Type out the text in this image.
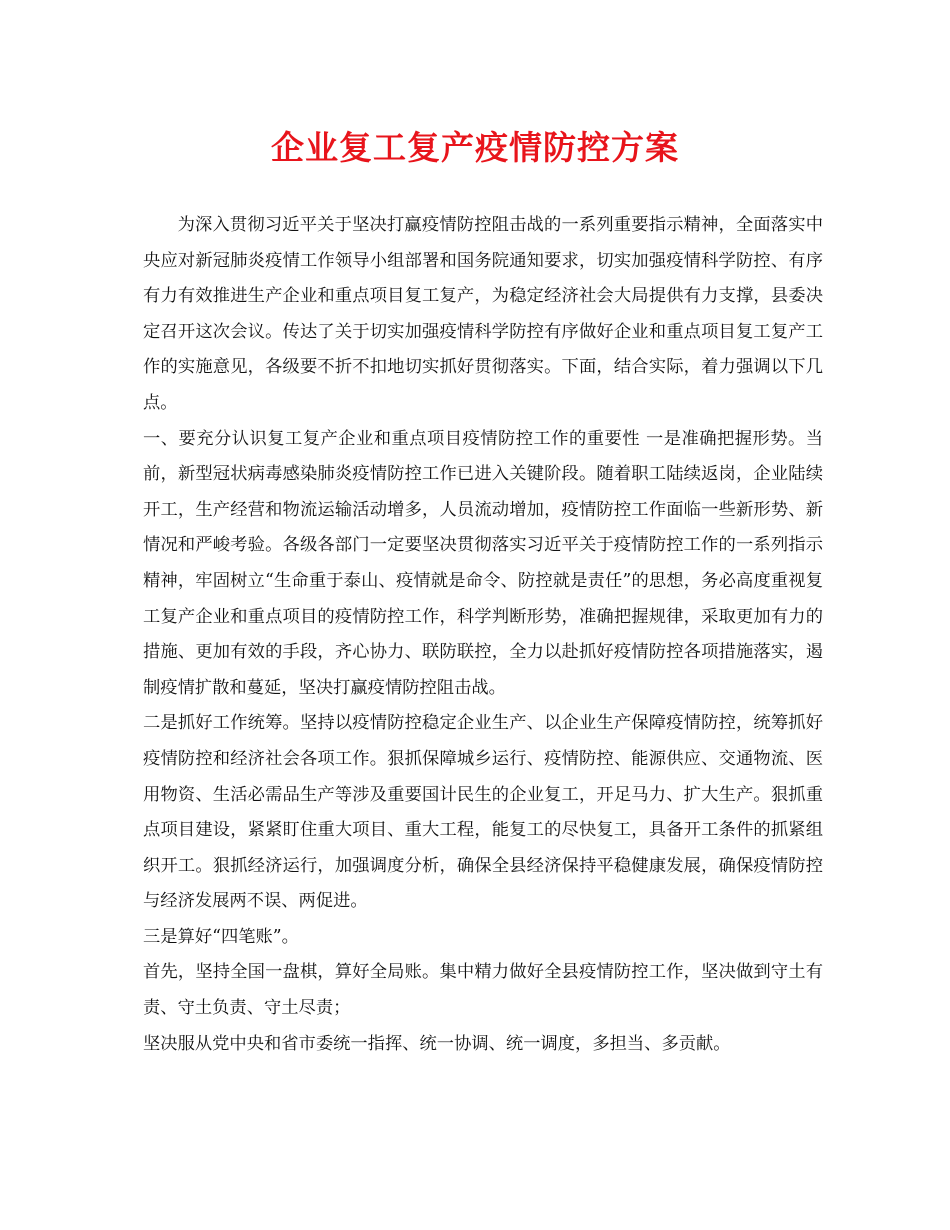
企业复工复产疫情防控方案

为深入贯彻习近平关于坚决打赢疫情防控阻击战的一系列重要指示精神，全面落实中央应对新冠肺炎疫情工作领导小组部署和国务院通知要求，切实加强疫情科学防控、有序有力有效推进生产企业和重点项目复工复产，为稳定经济社会大局提供有力支撑，县委决定召开这次会议。传达了关于切实加强疫情科学防控有序做好企业和重点项目复工复产工作的实施意见，各级要不折不扣地切实抓好贯彻落实。下面，结合实际，着力强调以下几点。

一、要充分认识复工复产企业和重点项目疫情防控工作的重要性 一是准确把握形势。当前，新型冠状病毒感染肺炎疫情防控工作已进入关键阶段。随着职工陆续返岗，企业陆续开工，生产经营和物流运输活动增多，人员流动增加，疫情防控工作面临一些新形势、新情况和严峻考验。各级各部门一定要坚决贯彻落实习近平关于疫情防控工作的一系列指示精神，牢固树立“生命重于泰山、疫情就是命令、防控就是责任”的思想，务必高度重视复工复产企业和重点项目的疫情防控工作，科学判断形势，准确把握规律，采取更加有力的措施、更加有效的手段，齐心协力、联防联控，全力以赴抓好疫情防控各项措施落实，遏制疫情扩散和蔓延，坚决打赢疫情防控阻击战。

二是抓好工作统筹。坚持以疫情防控稳定企业生产、以企业生产保障疫情防控，统筹抓好疫情防控和经济社会各项工作。狠抓保障城乡运行、疫情防控、能源供应、交通物流、医用物资、生活必需品生产等涉及重要国计民生的企业复工，开足马力、扩大生产。狠抓重点项目建设，紧紧盯住重大项目、重大工程，能复工的尽快复工，具备开工条件的抓紧组织开工。狠抓经济运行，加强调度分析，确保全县经济保持平稳健康发展，确保疫情防控与经济发展两不误、两促进。

三是算好“四笔账”。

首先，坚持全国一盘棋，算好全局账。集中精力做好全县疫情防控工作，坚决做到守土有责、守土负责、守土尽责；

坚决服从党中央和省市委统一指挥、统一协调、统一调度，多担当、多贡献。
